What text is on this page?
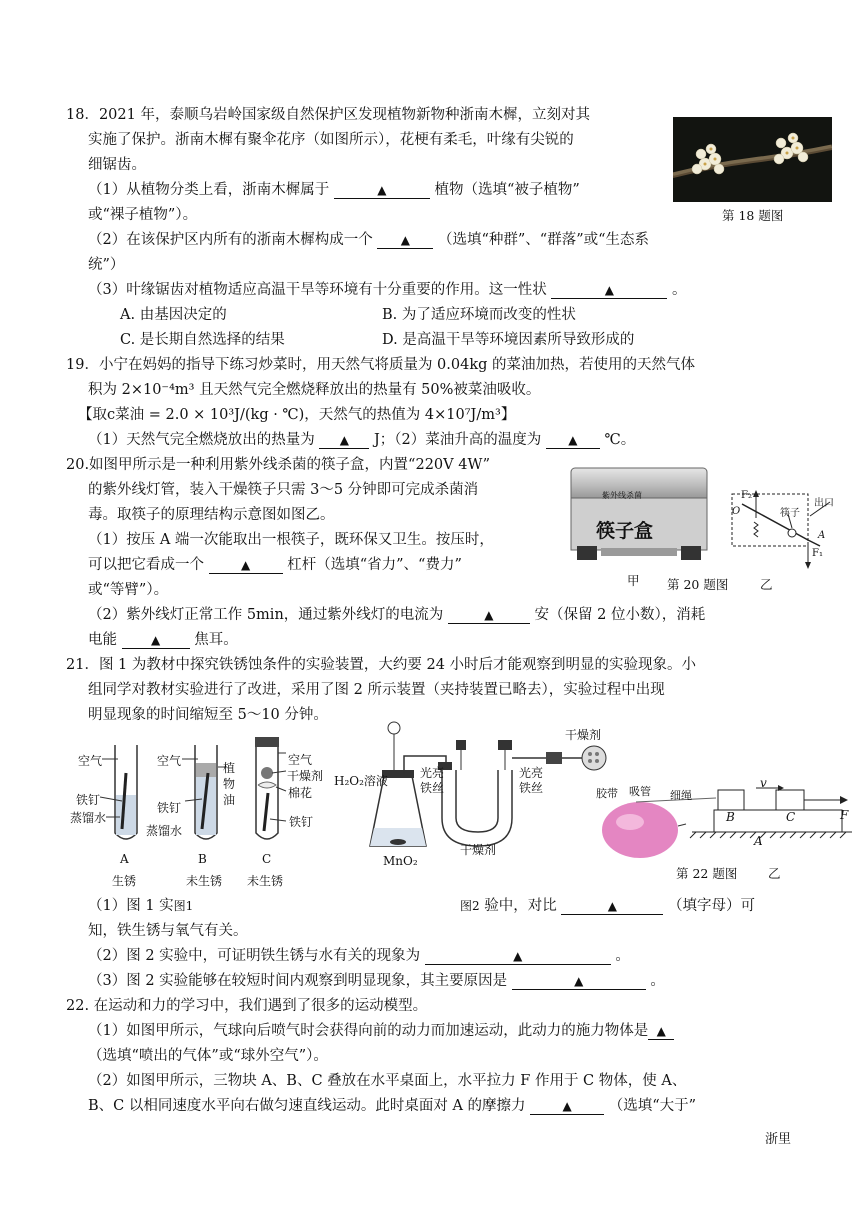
18．2021 年，泰顺乌岩岭国家级自然保护区发现植物新物种浙南木樨，立刻对其
实施了保护。浙南木樨有聚伞花序（如图所示），花梗有柔毛，叶缘有尖锐的
细锯齿。
（1）从植物分类上看，浙南木樨属于	▲	植物（选填“被子植物”
或“裸子植物”）。	第 18 题图
（2）在该保护区内所有的浙南木樨构成一个 ▲ （选填“种群”、“群落”或“生态系
统”）
（3）叶缘锯齿对植物适应高温干旱等环境有十分重要的作用。这一性状	▲	。
A. 由基因决定的	B. 为了适应环境而改变的性状
C. 是长期自然选择的结果	D. 是高温干旱等环境因素所导致形成的
19．小宁在妈妈的指导下练习炒菜时，用天然气将质量为 0.04kg 的菜油加热，若使用的天然气体
积为 2×10⁻⁴m³ 且天然气完全燃烧释放出的热量有 50%被菜油吸收。
【取c菜油 = 2.0 × 10³J/(kg · ℃)，天然气的热值为 4×10⁷J/m³】
（1）天然气完全燃烧放出的热量为 ▲ J；（2）菜油升高的温度为 ▲ ℃。
20.如图甲所示是一种利用紫外线杀菌的筷子盒，内置“220V 4W”
的紫外线灯管，装入干燥筷子只需 3～5 分钟即可完成杀菌消
毒。取筷子的原理结构示意图如图乙。
（1）按压 A 端一次能取出一根筷子，既环保又卫生。按压时，
可以把它看成一个	▲	杠杆（选填“省力”、“费力”
或“等臂”）。
紫外线杀菌
筷子盒
F₂
O	筷子
出口
A
F₁
甲 第 20 题图	乙
（2）紫外线灯正常工作 5min，通过紫外线灯的电流为	▲	安（保留 2 位小数），消耗
电能	▲ 焦耳。
21．图 1 为教材中探究铁锈蚀条件的实验装置，大约要 24 小时后才能观察到明显的实验现象。小
组同学对教材实验进行了改进，采用了图 2 所示装置（夹持装置已略去），实验过程中出现
明显现象的时间缩短至 5～10 分钟。
空气
铁钉
蒸馏水
空气	植物油
铁钉
蒸馏水
空气
干燥剂
棉花
铁钉
A	B	C
生锈	未生锈 未生锈
H₂O₂溶液
MnO₂
光亮铁丝
光亮铁丝
干燥剂
干燥剂
胶带 吸管 细绳
v
B	C
A
F
第 22 题图 乙
（1）图 1 实图1	图2 验中，对比	▲	（填字母）可
知，铁生锈与氧气有关。
（2）图 2 实验中，可证明铁生锈与水有关的现象为	▲	。
（3）图 2 实验能够在较短时间内观察到明显现象，其主要原因是	▲	。
22. 在运动和力的学习中，我们遇到了很多的运动模型。
（1）如图甲所示，气球向后喷气时会获得向前的动力而加速运动，此动力的施力物体是 ▲
（选填“喷出的气体”或“球外空气”）。
（2）如图甲所示，三物块 A、B、C 叠放在水平桌面上，水平拉力 F 作用于 C 物体，使 A、
B、C 以相同速度水平向右做匀速直线运动。此时桌面对 A 的摩擦力	▲	（选填“大于”
浙里
